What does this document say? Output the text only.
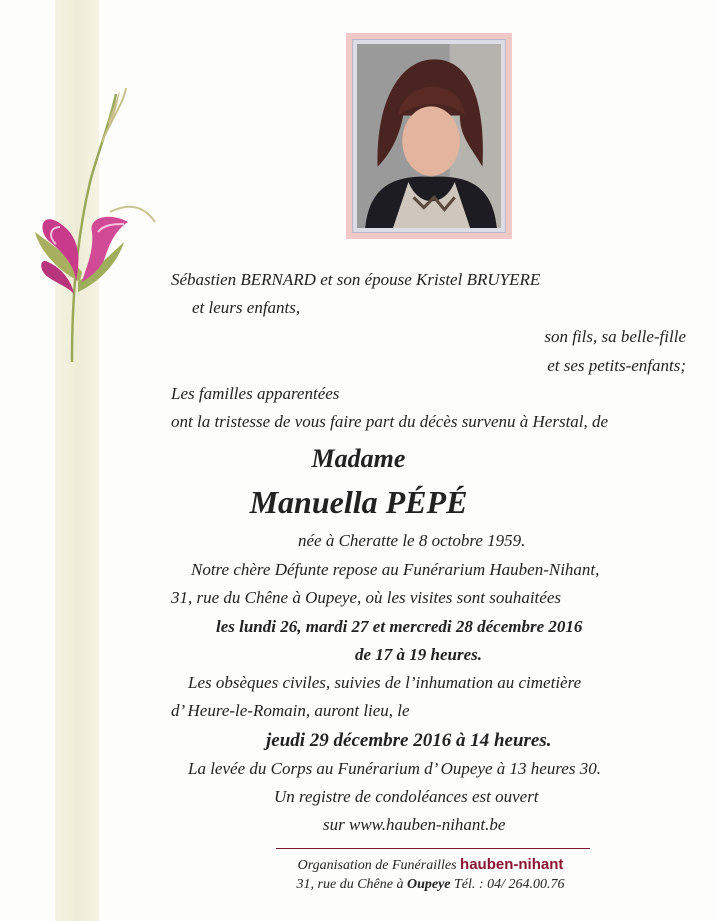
Sébastien BERNARD et son épouse Kristel BRUYERE
et leurs enfants,
son fils, sa belle-fille
et ses petits-enfants;
Les familles apparentées
ont la tristesse de vous faire part du décès survenu à Herstal, de
Madame
Manuella PÉPÉ
née à Cheratte le 8 octobre 1959.
Notre chère Défunte repose au Funérarium Hauben-Nihant,
31, rue du Chêne à Oupeye, où les visites sont souhaitées
les lundi 26, mardi 27 et mercredi 28 décembre 2016
de 17 à 19 heures.
Les obsèques civiles, suivies de l’inhumation au cimetière
d’ Heure-le-Romain, auront lieu, le
jeudi 29 décembre 2016 à 14 heures.
La levée du Corps au Funérarium d’ Oupeye à 13 heures 30.
Un registre de condoléances est ouvert
sur www.hauben-nihant.be
Organisation de Funérailles hauben-nihant
31, rue du Chêne à Oupeye Tél. : 04/ 264.00.76
